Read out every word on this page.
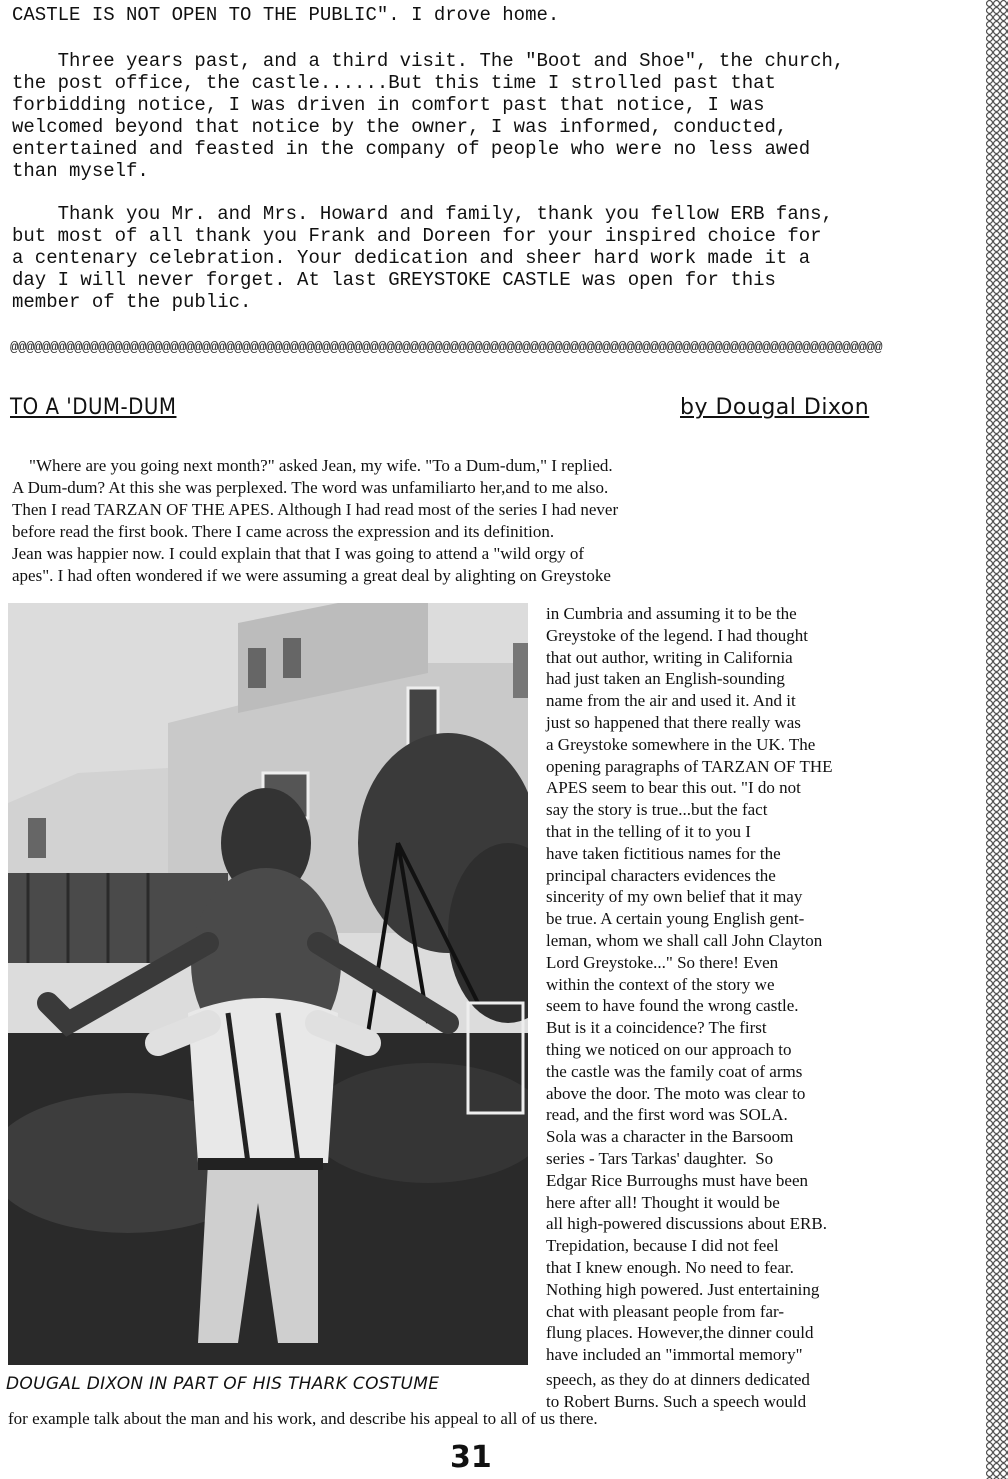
CASTLE IS NOT OPEN TO THE PUBLIC". I drove home.
Three years past, and a third visit. The "Boot and Shoe", the church,
the post office, the castle......But this time I strolled past that
forbidding notice, I was driven in comfort past that notice, I was
welcomed beyond that notice by the owner, I was informed, conducted,
entertained and feasted in the company of people who were no less awed
than myself.
Thank you Mr. and Mrs. Howard and family, thank you fellow ERB fans,
but most of all thank you Frank and Doreen for your inspired choice for
a centenary celebration. Your dedication and sheer hard work made it a
day I will never forget. At last GREYSTOKE CASTLE was open for this
member of the public.
@@@@@@@@@@@@@@@@@@@@@@@@@@@@@@@@@@@@@@@@@@@@@@@@@@@@@@@@@@@@@@@@@@@@@@@@@@@@@@@@@@@@@@@@@@@@@@@@@@@@@@@@@@@@@
TO A 'DUM-DUM	by Dougal Dixon
"Where are you going next month?" asked Jean, my wife. "To a Dum-dum," I replied.
A Dum-dum? At this she was perplexed. The word was unfamiliarto her,and to me also.
Then I read TARZAN OF THE APES. Although I had read most of the series I had never
before read the first book. There I came across the expression and its definition.
Jean was happier now. I could explain that that I was going to attend a "wild orgy of
apes". I had often wondered if we were assuming a great deal by alighting on Greystoke
in Cumbria and assuming it to be the
Greystoke of the legend. I had thought
that out author, writing in California
had just taken an English-sounding
name from the air and used it. And it
just so happened that there really was
a Greystoke somewhere in the UK. The
opening paragraphs of TARZAN OF THE
APES seem to bear this out. "I do not
say the story is true...but the fact
that in the telling of it to you I
have taken fictitious names for the
principal characters evidences the
sincerity of my own belief that it may
be true. A certain young English gent-
leman, whom we shall call John Clayton
Lord Greystoke..." So there! Even
within the context of the story we
seem to have found the wrong castle.
But is it a coincidence? The first
thing we noticed on our approach to
the castle was the family coat of arms
above the door. The moto was clear to
read, and the first word was SOLA.
Sola was a character in the Barsoom
series - Tars Tarkas' daughter.  So
Edgar Rice Burroughs must have been
here after all! Thought it would be
all high-powered discussions about ERB.
Trepidation, because I did not feel
that I knew enough. No need to fear.
Nothing high powered. Just entertaining
chat with pleasant people from far-
flung places. However,the dinner could
have included an "immortal memory"
DOUGAL DIXON IN PART OF HIS THARK COSTUME	speech, as they do at dinners dedicated
to Robert Burns. Such a speech would
for example talk about the man and his work, and describe his appeal to all of us there.
31
